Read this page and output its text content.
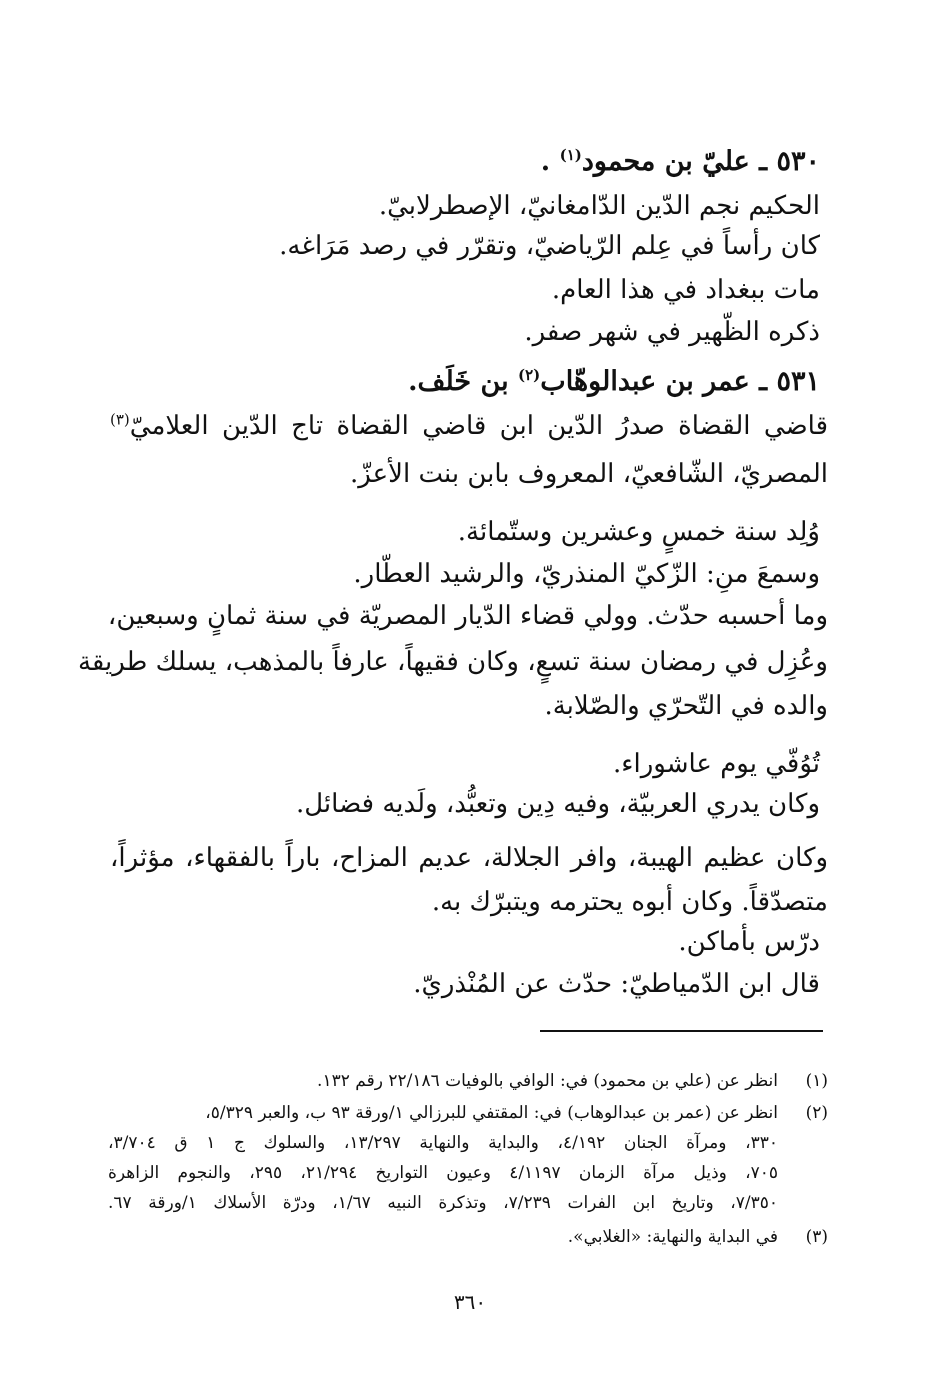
٥٣٠ ـ عليّ بن محمود$^{(١)}$ .
الحكيم نجم الدّين الدّامغانيّ، الإصطرلابيّ.
كان رأساً في عِلم الرّياضيّ، وتقرّر في رصد مَرَاغه.
مات ببغداد في هذا العام.
ذكره الظّهير في شهر صفر.
٥٣١ ـ عمر بن عبدالوهّاب$^{(٢)}$ بن خَلَف.
قاضي القضاة صدرُ الدّين ابن قاضي القضاة تاج الدّين العلاميّ$^{(٣)}$
المصريّ، الشّافعيّ، المعروف بابن بنت الأعزّ.
وُلِد سنة خمسٍ وعشرين وستّمائة.
وسمعَ منِ: الزّكيّ المنذريّ، والرشيد العطّار.
وما أحسبه حدّث. وولي قضاء الدّيار المصريّة في سنة ثمانٍ وسبعين،
وعُزِل في رمضان سنة تسعٍ، وكان فقيهاً، عارفاً بالمذهب، يسلك طريقة
والده في التّحرّي والصّلابة.
تُوُفّي يوم عاشوراء.
وكان يدري العربيّة، وفيه دِين وتعبُّد، ولَديه فضائل.
وكان عظيم الهيبة، وافر الجلالة، عديم المزاح، باراً بالفقهاء، مؤثراً،
متصدّقاً. وكان أبوه يحترمه ويتبرّك به.
درّس بأماكن.
قال ابن الدّمياطيّ: حدّث عن المُنْذريّ.
(١)
انظر عن (علي بن محمود) في: الوافي بالوفيات ٢٢/١٨٦ رقم ١٣٢.
(٢)
انظر عن (عمر بن عبدالوهاب) في: المقتفي للبرزالي ١/ورقة ٩٣ ب، والعبر ٥/٣٢٩،
٣٣٠، ومرآة الجنان ٤/١٩٢، والبداية والنهاية ١٣/٢٩٧، والسلوك ج ١ ق ٣/٧٠٤،
٧٠٥، وذيل مرآة الزمان ٤/١١٩٧ وعيون التواريخ ٢١/٢٩٤، ٢٩٥، والنجوم الزاهرة
٧/٣٥٠، وتاريخ ابن الفرات ٧/٢٣٩، وتذكرة النبيه ١/٦٧، ودرّة الأسلاك ١/ورقة ٦٧.
(٣)
في البداية والنهاية: «الغلابي».
٣٦٠
